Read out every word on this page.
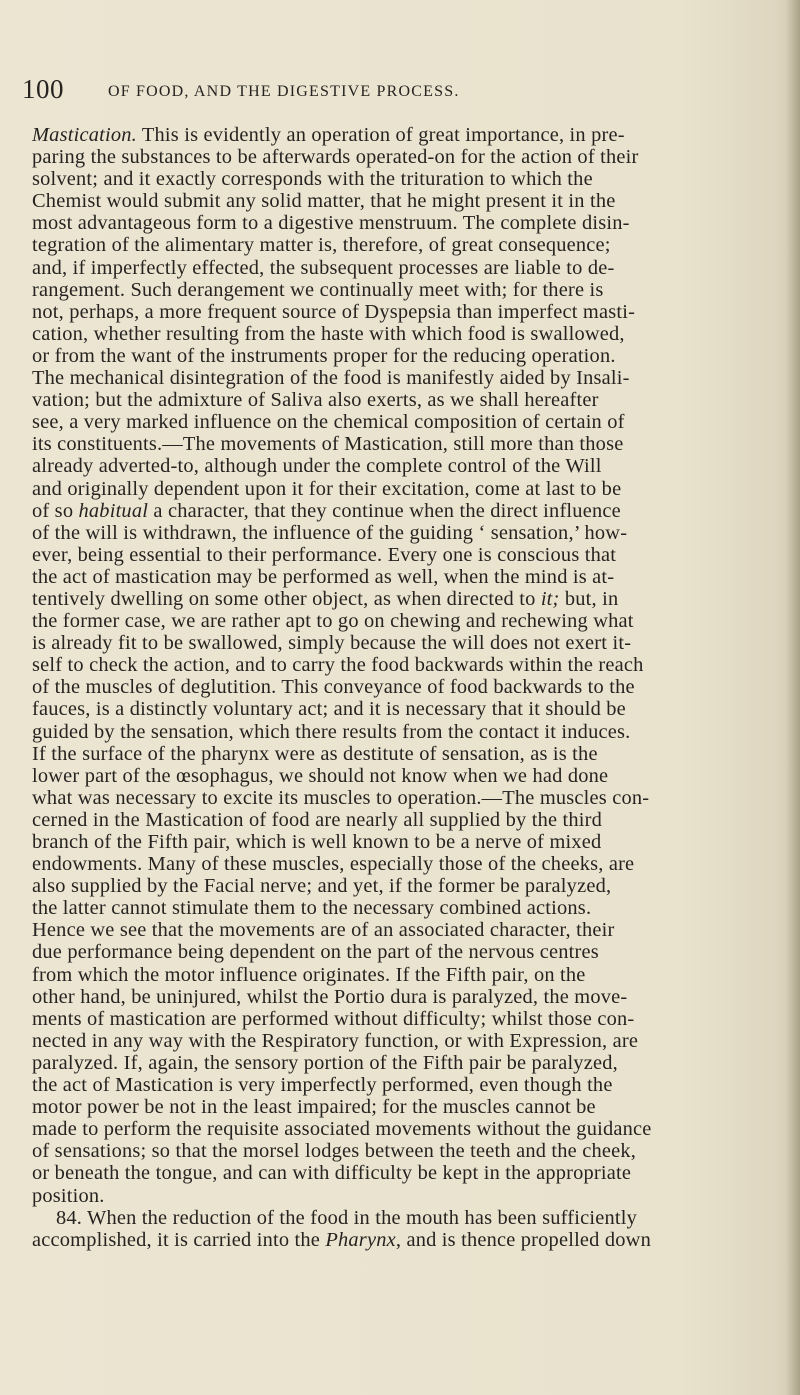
100	OF FOOD, AND THE DIGESTIVE PROCESS.
Mastication. This is evidently an operation of great importance, in pre-
paring the substances to be afterwards operated-on for the action of their
solvent; and it exactly corresponds with the trituration to which the
Chemist would submit any solid matter, that he might present it in the
most advantageous form to a digestive menstruum. The complete disin-
tegration of the alimentary matter is, therefore, of great consequence;
and, if imperfectly effected, the subsequent processes are liable to de-
rangement. Such derangement we continually meet with; for there is
not, perhaps, a more frequent source of Dyspepsia than imperfect masti-
cation, whether resulting from the haste with which food is swallowed,
or from the want of the instruments proper for the reducing operation.
The mechanical disintegration of the food is manifestly aided by Insali-
vation; but the admixture of Saliva also exerts, as we shall hereafter
see, a very marked influence on the chemical composition of certain of
its constituents.—The movements of Mastication, still more than those
already adverted-to, although under the complete control of the Will
and originally dependent upon it for their excitation, come at last to be
of so habitual a character, that they continue when the direct influence
of the will is withdrawn, the influence of the guiding ‘ sensation,’ how-
ever, being essential to their performance. Every one is conscious that
the act of mastication may be performed as well, when the mind is at-
tentively dwelling on some other object, as when directed to it; but, in
the former case, we are rather apt to go on chewing and rechewing what
is already fit to be swallowed, simply because the will does not exert it-
self to check the action, and to carry the food backwards within the reach
of the muscles of deglutition. This conveyance of food backwards to the
fauces, is a distinctly voluntary act; and it is necessary that it should be
guided by the sensation, which there results from the contact it induces.
If the surface of the pharynx were as destitute of sensation, as is the
lower part of the œsophagus, we should not know when we had done
what was necessary to excite its muscles to operation.—The muscles con-
cerned in the Mastication of food are nearly all supplied by the third
branch of the Fifth pair, which is well known to be a nerve of mixed
endowments. Many of these muscles, especially those of the cheeks, are
also supplied by the Facial nerve; and yet, if the former be paralyzed,
the latter cannot stimulate them to the necessary combined actions.
Hence we see that the movements are of an associated character, their
due performance being dependent on the part of the nervous centres
from which the motor influence originates. If the Fifth pair, on the
other hand, be uninjured, whilst the Portio dura is paralyzed, the move-
ments of mastication are performed without difficulty; whilst those con-
nected in any way with the Respiratory function, or with Expression, are
paralyzed. If, again, the sensory portion of the Fifth pair be paralyzed,
the act of Mastication is very imperfectly performed, even though the
motor power be not in the least impaired; for the muscles cannot be
made to perform the requisite associated movements without the guidance
of sensations; so that the morsel lodges between the teeth and the cheek,
or beneath the tongue, and can with difficulty be kept in the appropriate
position.
84. When the reduction of the food in the mouth has been sufficiently
accomplished, it is carried into the Pharynx, and is thence propelled down
